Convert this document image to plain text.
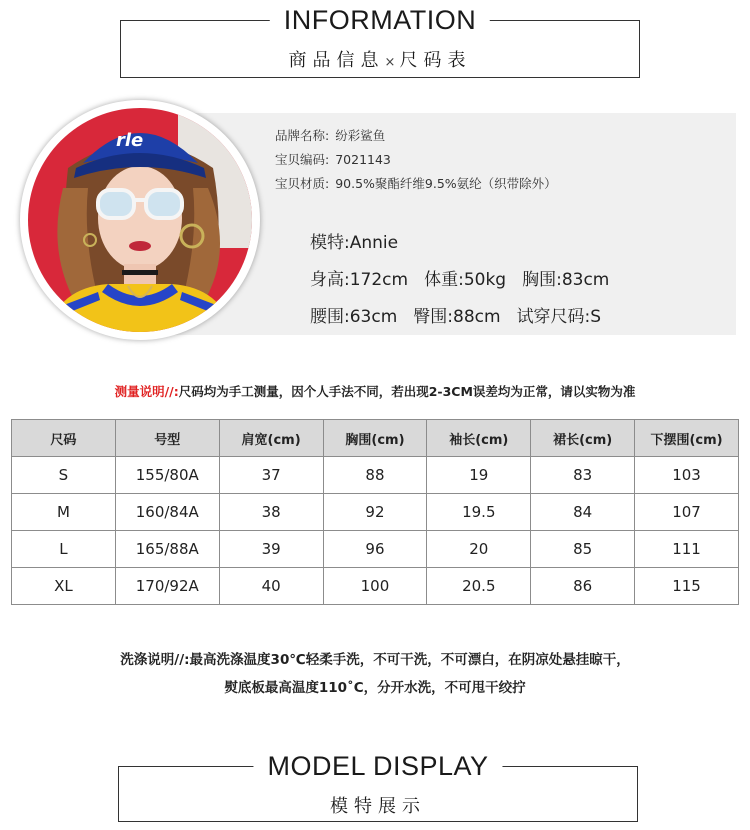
INFORMATION
商品信息×尺码表
rle	品牌名称: 纷彩鲨鱼
宝贝编码: 7021143
宝贝材质: 90.5%聚酯纤维9.5%氨纶（织带除外）
模特:Annie
身高:172cm 体重:50kg 胸围:83cm
腰围:63cm 臀围:88cm 试穿尺码:S
测量说明//:尺码均为手工测量，因个人手法不同，若出现2-3CM误差均为正常，请以实物为准
尺码	号型	肩宽(cm)	胸围(cm)	袖长(cm)	裙长(cm)	下摆围(cm)
S	155/80A	37	88	19	83	103
M	160/84A	38	92	19.5	84	107
L	165/88A	39	96	20	85	111
XL	170/92A	40	100	20.5	86	115
洗涤说明//:最高洗涤温度30℃轻柔手洗，不可干洗，不可漂白，在阴凉处悬挂晾干，
熨底板最高温度110˚C，分开水洗，不可甩干绞拧
MODEL DISPLAY
模特展示
